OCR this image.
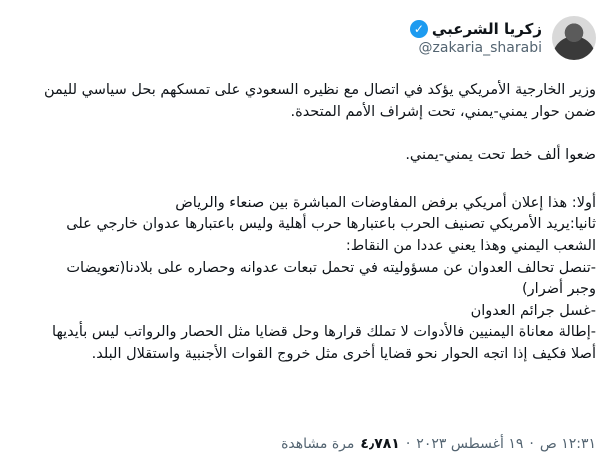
زكريا الشرعبي
✓
@zakaria_sharabi

وزير الخارجية الأمريكي يؤكد في اتصال مع نظيره السعودي على تمسكهم بحل سياسي لليمن ضمن حوار يمني-يمني، تحت إشراف الأمم المتحدة.

ضعوا ألف خط تحت يمني-يمني.

أولا: هذا إعلان أمريكي برفض المفاوضات المباشرة بين صنعاء والرياض

ثانيا:يريد الأمريكي تصنيف الحرب باعتبارها حرب أهلية وليس باعتبارها عدوان خارجي على الشعب اليمني وهذا يعني عددا من النقاط:

-تنصل تحالف العدوان عن مسؤوليته في تحمل تبعات عدوانه وحصاره على بلادنا(تعويضات وجبر أضرار)

-غسل جرائم العدوان

-إطالة معاناة اليمنيين فالأدوات لا تملك قرارها وحل قضايا مثل الحصار والرواتب ليس بأيديها أصلا فكيف إذا اتجه الحوار نحو قضايا أخرى مثل خروج القوات الأجنبية واستقلال البلد.

١٢:٣١ ص
·
١٩ أغسطس ٢٠٢٣
·
٤٫٧٨١
مرة مشاهدة
